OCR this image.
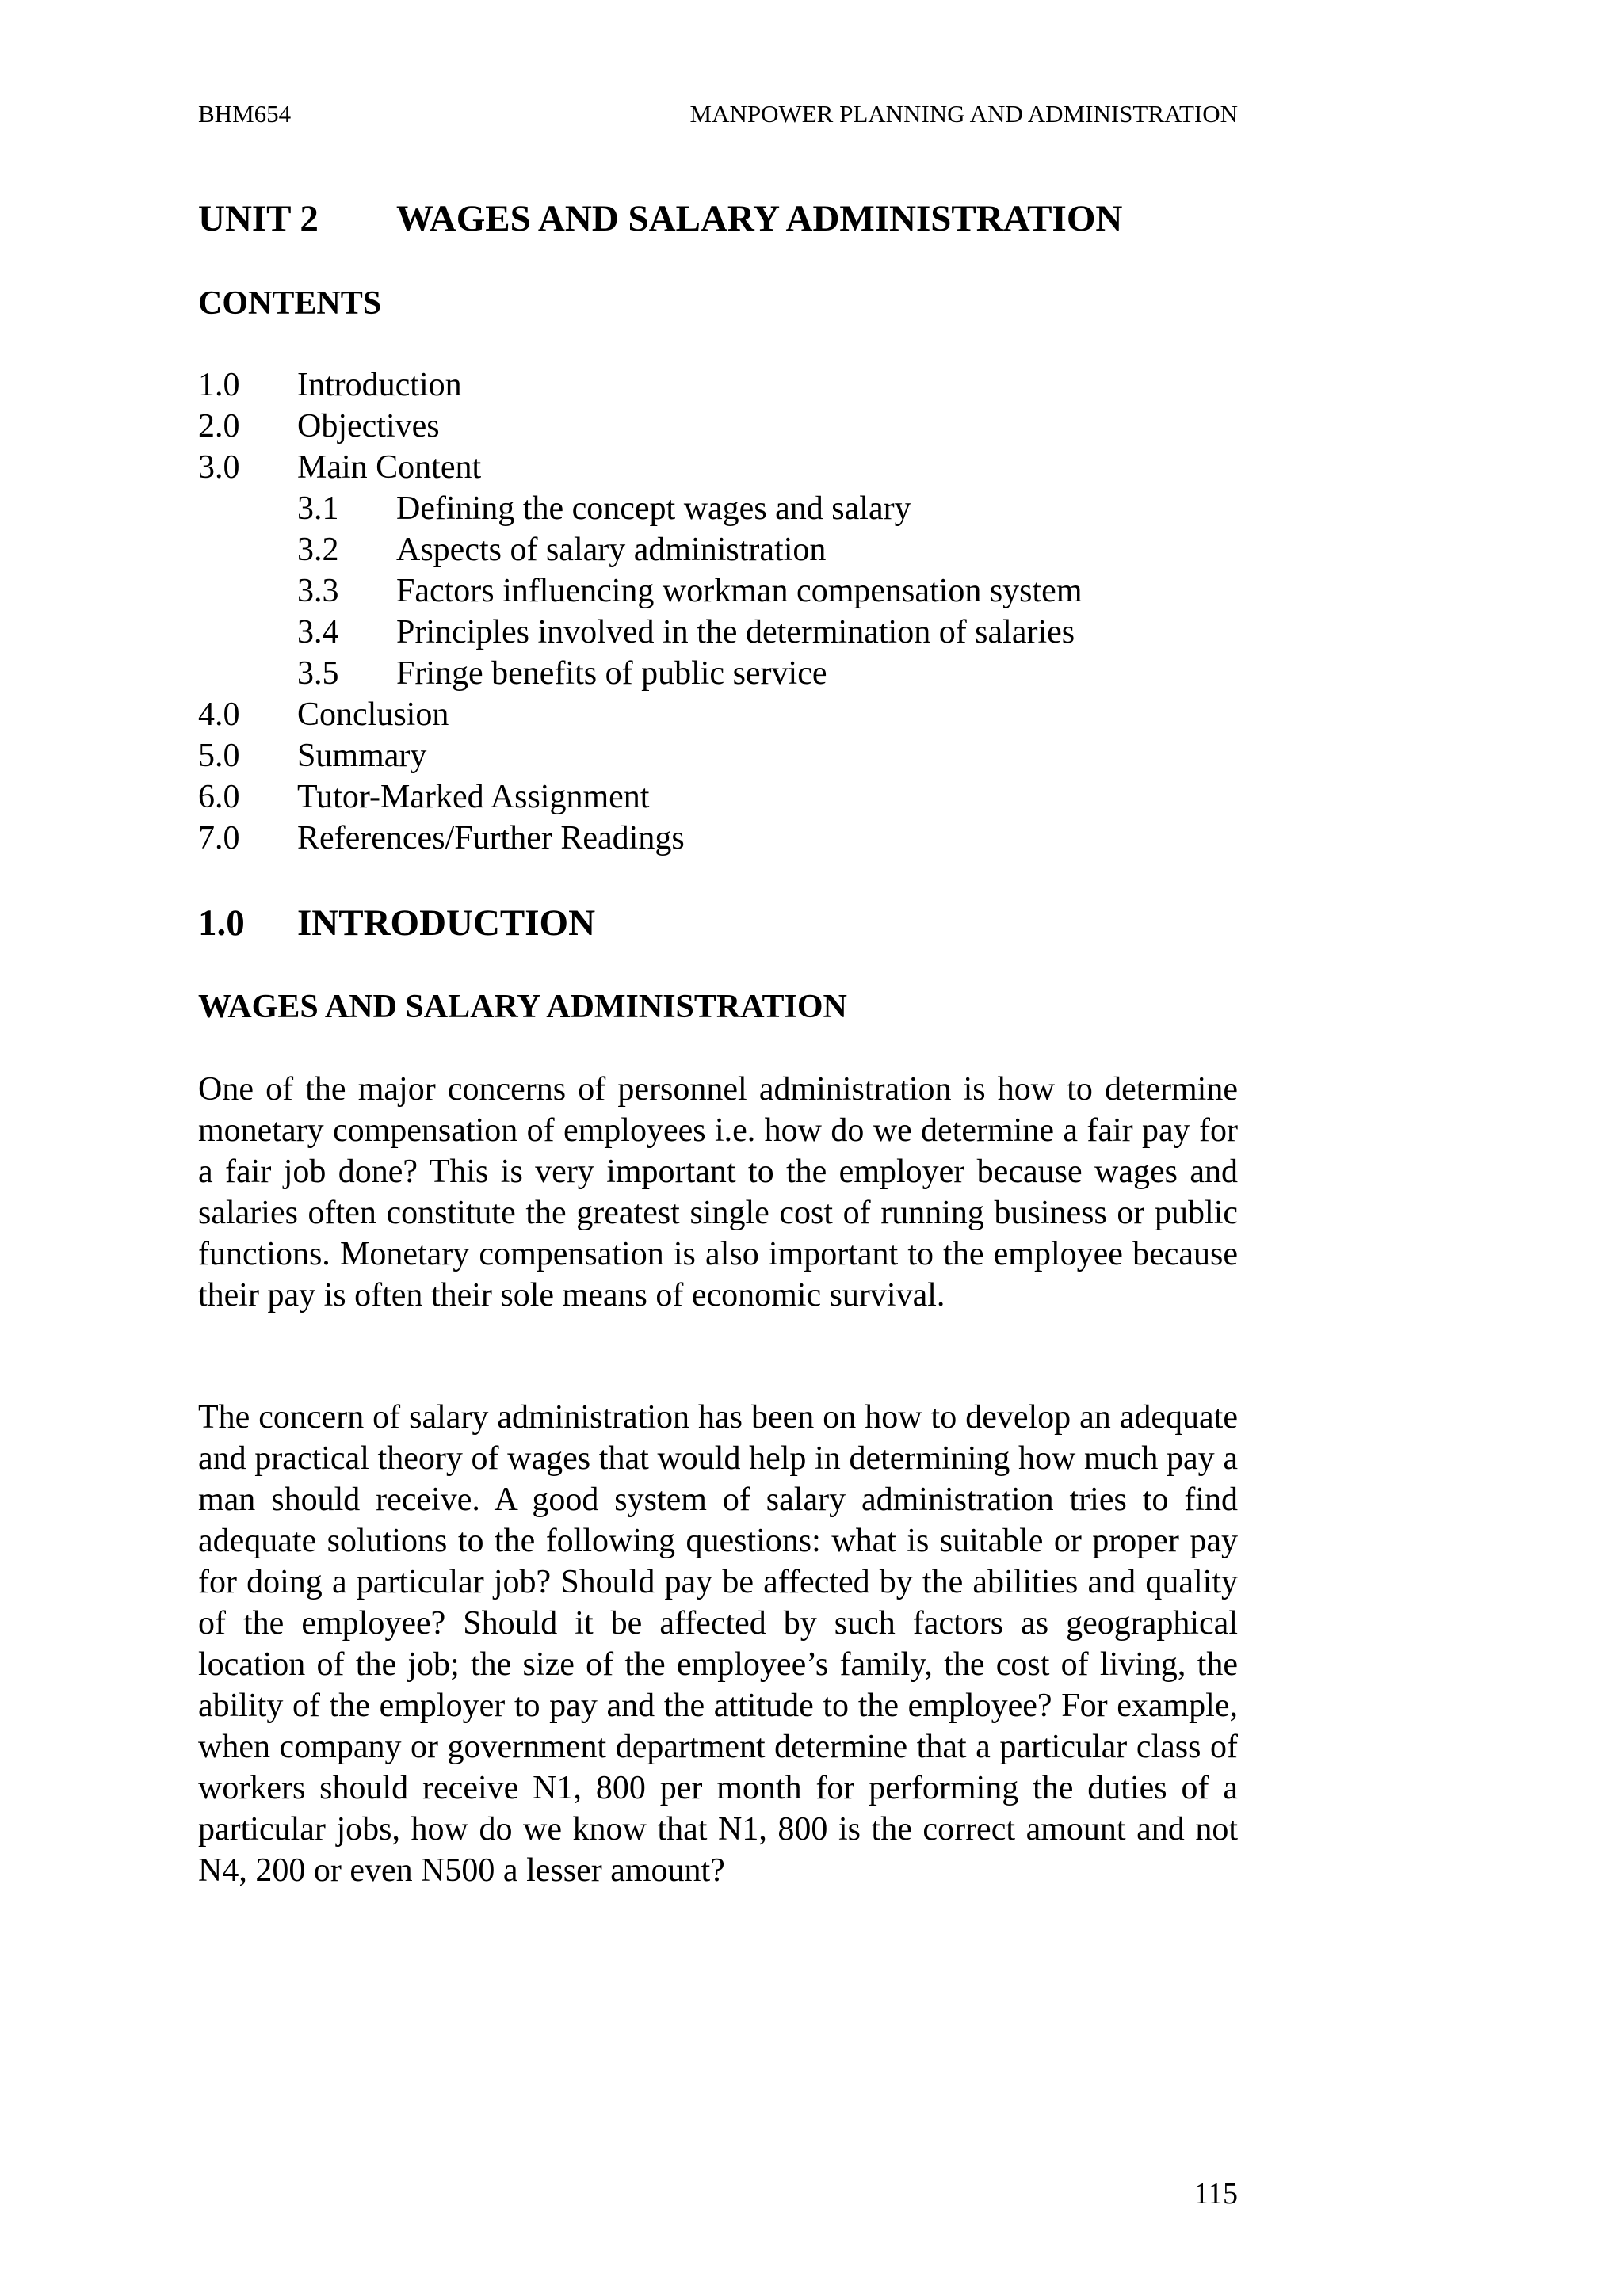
BHM654	MANPOWER PLANNING AND ADMINISTRATION
UNIT 2 WAGES AND SALARY ADMINISTRATION
CONTENTS
1.0 Introduction
2.0 Objectives
3.0 Main Content
3.1 Defining the concept wages and salary
3.2 Aspects of salary administration
3.3 Factors influencing workman compensation system
3.4 Principles involved in the determination of salaries
3.5 Fringe benefits of public service
4.0 Conclusion
5.0 Summary
6.0 Tutor-Marked Assignment
7.0 References/Further Readings
1.0 INTRODUCTION
WAGES AND SALARY ADMINISTRATION

One of the major concerns of personnel administration is how to determine monetary compensation of employees i.e. how do we determine a fair pay for a fair job done? This is very important to the employer because wages and salaries often constitute the greatest single cost of running business or public functions. Monetary compensation is also important to the employee because their pay is often their sole means of economic survival.

The concern of salary administration has been on how to develop an adequate and practical theory of wages that would help in determining how much pay a man should receive. A good system of salary administration tries to find adequate solutions to the following questions: what is suitable or proper pay for doing a particular job? Should pay be affected by the abilities and quality of the employee? Should it be affected by such factors as geographical location of the job; the size of the employee’s family, the cost of living, the ability of the employer to pay and the attitude to the employee? For example, when company or government department determine that a particular class of workers should receive N1, 800 per month for performing the duties of a particular jobs, how do we know that N1, 800 is the correct amount and not N4, 200 or even N500 a lesser amount?

115
